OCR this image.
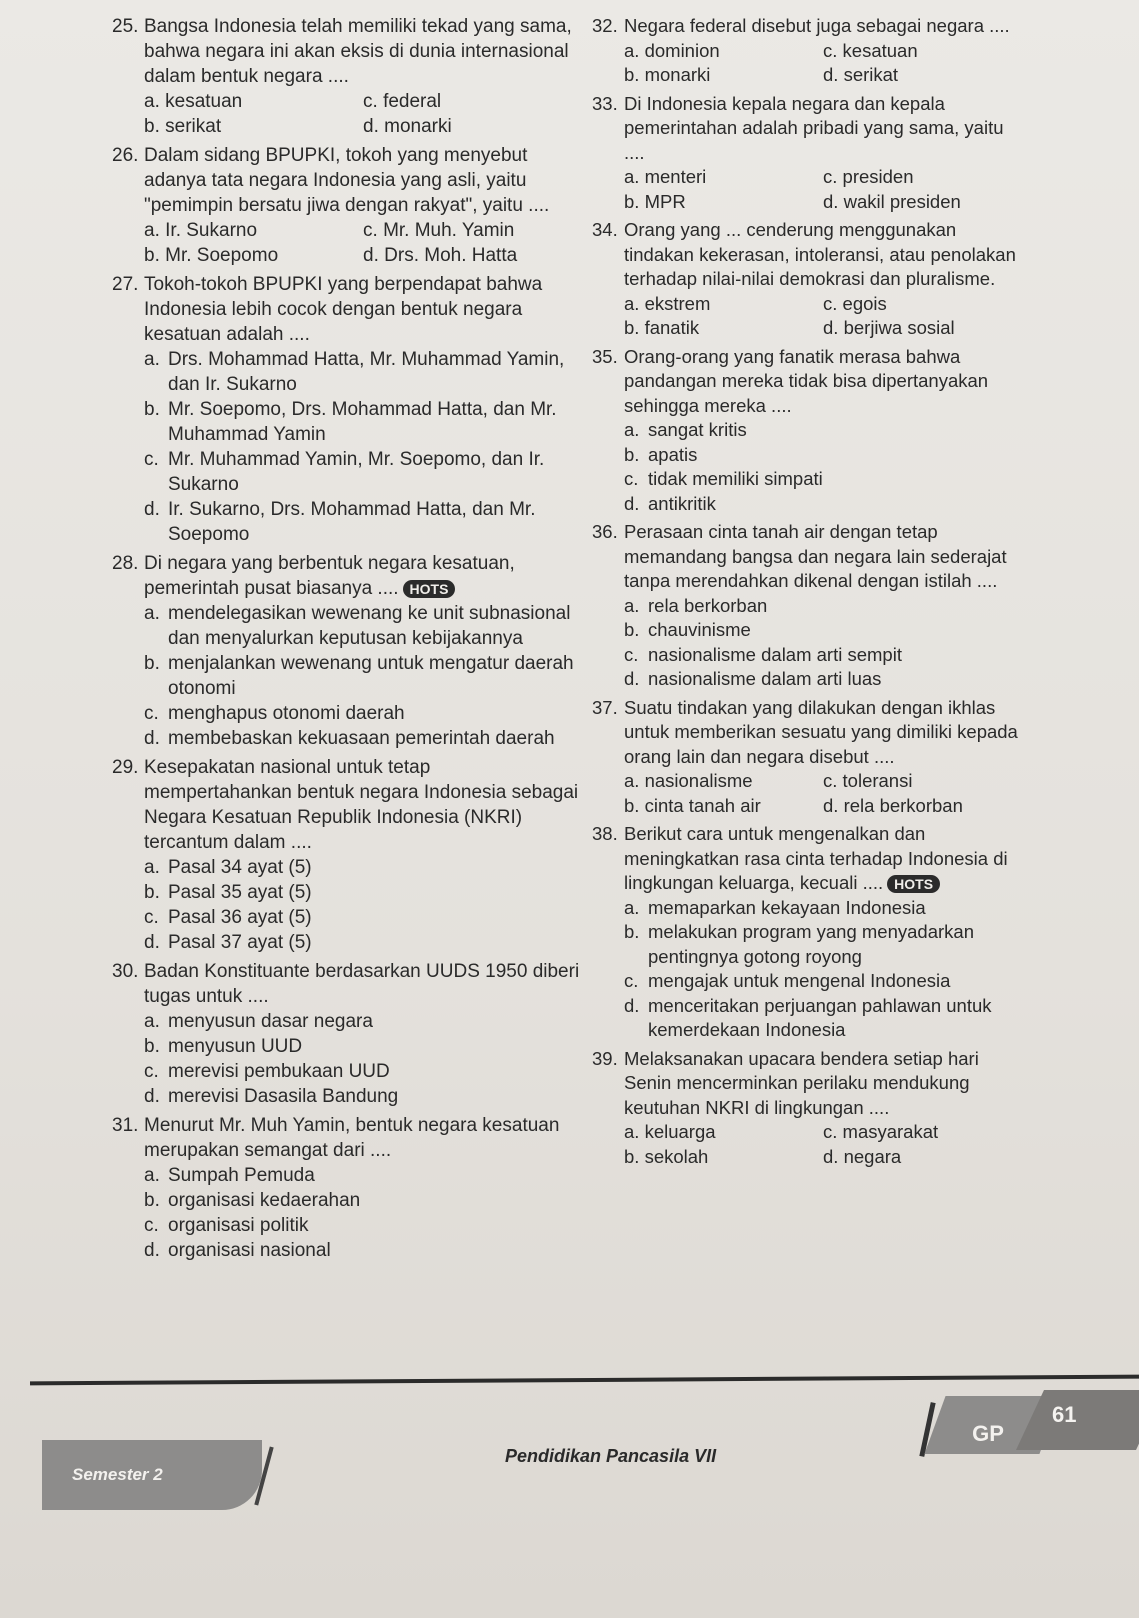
25. Bangsa Indonesia telah memiliki tekad yang sama, bahwa negara ini akan eksis di dunia internasional dalam bentuk negara ....
a. kesatuan	c. federal
b. serikat	d. monarki
26. Dalam sidang BPUPKI, tokoh yang menyebut adanya tata negara Indonesia yang asli, yaitu "pemimpin bersatu jiwa dengan rakyat", yaitu ....
a. Ir. Sukarno	c. Mr. Muh. Yamin
b. Mr. Soepomo	d. Drs. Moh. Hatta
27. Tokoh-tokoh BPUPKI yang berpendapat bahwa Indonesia lebih cocok dengan bentuk negara kesatuan adalah ....
a. Drs. Mohammad Hatta, Mr. Muhammad Yamin, dan Ir. Sukarno
b. Mr. Soepomo, Drs. Mohammad Hatta, dan Mr. Muhammad Yamin
c. Mr. Muhammad Yamin, Mr. Soepomo, dan Ir. Sukarno
d. Ir. Sukarno, Drs. Mohammad Hatta, dan Mr. Soepomo
28. Di negara yang berbentuk negara kesatuan, pemerintah pusat biasanya .... HOTS
a. mendelegasikan wewenang ke unit subnasional dan menyalurkan keputusan kebijakannya
b. menjalankan wewenang untuk mengatur daerah otonomi
c. menghapus otonomi daerah
d. membebaskan kekuasaan pemerintah daerah
29. Kesepakatan nasional untuk tetap mempertahankan bentuk negara Indonesia sebagai Negara Kesatuan Republik Indonesia (NKRI) tercantum dalam ....
a. Pasal 34 ayat (5)
b. Pasal 35 ayat (5)
c. Pasal 36 ayat (5)
d. Pasal 37 ayat (5)
30. Badan Konstituante berdasarkan UUDS 1950 diberi tugas untuk ....
a. menyusun dasar negara
b. menyusun UUD
c. merevisi pembukaan UUD
d. merevisi Dasasila Bandung
31. Menurut Mr. Muh Yamin, bentuk negara kesatuan merupakan semangat dari ....
a. Sumpah Pemuda
b. organisasi kedaerahan
c. organisasi politik
d. organisasi nasional
32. Negara federal disebut juga sebagai negara ....
a. dominion	c. kesatuan
b. monarki	d. serikat
33. Di Indonesia kepala negara dan kepala pemerintahan adalah pribadi yang sama, yaitu ....
a. menteri	c. presiden
b. MPR	d. wakil presiden
34. Orang yang ... cenderung menggunakan tindakan kekerasan, intoleransi, atau penolakan terhadap nilai-nilai demokrasi dan pluralisme.
a. ekstrem	c. egois
b. fanatik	d. berjiwa sosial
35. Orang-orang yang fanatik merasa bahwa pandangan mereka tidak bisa dipertanyakan sehingga mereka ....
a. sangat kritis
b. apatis
c. tidak memiliki simpati
d. antikritik
36. Perasaan cinta tanah air dengan tetap memandang bangsa dan negara lain sederajat tanpa merendahkan dikenal dengan istilah ....
a. rela berkorban
b. chauvinisme
c. nasionalisme dalam arti sempit
d. nasionalisme dalam arti luas
37. Suatu tindakan yang dilakukan dengan ikhlas untuk memberikan sesuatu yang dimiliki kepada orang lain dan negara disebut ....
a. nasionalisme	c. toleransi
b. cinta tanah air	d. rela berkorban
38. Berikut cara untuk mengenalkan dan meningkatkan rasa cinta terhadap Indonesia di lingkungan keluarga, kecuali .... HOTS
a. memaparkan kekayaan Indonesia
b. melakukan program yang menyadarkan pentingnya gotong royong
c. mengajak untuk mengenal Indonesia
d. menceritakan perjuangan pahlawan untuk kemerdekaan Indonesia
39. Melaksanakan upacara bendera setiap hari Senin mencerminkan perilaku mendukung keutuhan NKRI di lingkungan ....
a. keluarga	c. masyarakat
b. sekolah	d. negara
Semester 2
Pendidikan Pancasila VII
GP
61
